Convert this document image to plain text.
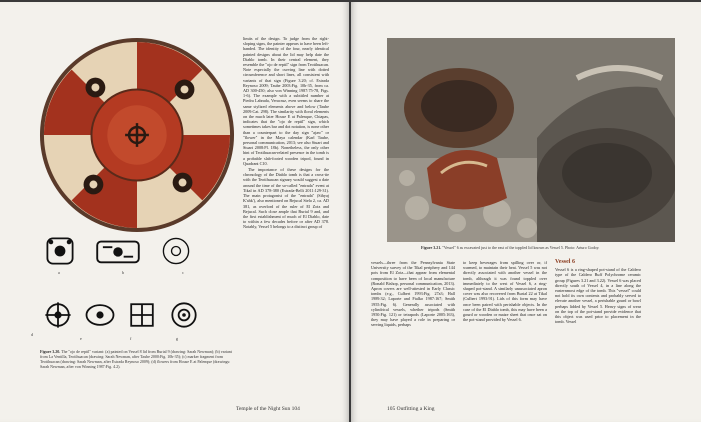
a	b	c
d
e	f	g
Figure 3.20. The "ojo de reptil" variant: (a) painted on Vessel 8 lid from Burial 9 (drawing: Sarah Newman); (b) variant from La Ventilla, Teotihuacan (drawing: Sarah Newman, after Taube 2000:Fig. 10b-35); (c) marker fragment from Teotihuacan (drawing: Sarah Newman, after Estrada Reynoso 2009); (d) flowers from House E at Palenque (drawings: Sarah Newman, after von Winning 1987:Fig. 4.2).

limits of the design. To judge from the right-sloping signs, the painter appears to have been left-handed. The identity of the four, nearly identical painted designs about the lid may help date the Diablo tomb. In their central element, they resemble the "ojo de reptil" sign from Teotihuacan. Note especially the curving line with dotted circumference and short lines, all consistent with variants of that sign (Figure 3.20; cf. Estrada Reynoso 2009; Taube 2003:Fig. 10b-35, from ca. AD 300-450; also von Winning 1987:75-78, Figs. 1-6). The example with a subtitled number at Piedra Labrada, Veracruz, even seems to share the same stylized elements above and below (Taube 2009:Cat. 298). The similarity with floral elements on the much later House E at Palenque, Chiapas, indicates that the "ojo de reptil" sign, which sometimes takes bar and dot notation, is none other than a counterpart to the day sign "ajaw" or "flower" in the Maya calendar (Karl Taube, personal communication, 2013; see also Stuart and Stuart 2008:Pl. 18b). Nonetheless, the only other hint of Teotihuacan-related presence in the tomb is a probable slab-footed wooden tripod, found in Quadrant C10.

The importance of these designs for the chronology of the Diablo tomb is that a cross-tie with the Teotihuacan signary would suggest a date around the time of the so-called "entrada" event at Tikal in AD 378-380 (Estrada-Belli 2011:129-31). The main protagonist of the "entrada" (Sihyaj K'ahk'), also mentioned on Bejucal Stela 2, ca. AD 381, as overlord of the ruler of El Zotz and Bejucal. Such close ample that Burial 9 and, and the first establishment of much of El Diablo, date to within a few decades before or after AD 378. Notably, Vessel 5 belongs to a distinct group of

Temple of the Night Sun 104
Figure 3.21. "Vessel" 6 as excavated just to the east of the toppled lid known as Vessel 5. Photo: Arturo Godoy.

vessels—three from the Pennsylvania State University survey of the Tikal periphery and 144 pots from El Zotz—that appear from elemental composition to have been of local manufacture (Ronald Bishop, personal communication, 2013). Apron covers are well-attested in Early Classic tombs (e.g., Culbert 1993:Fig. 27a3; Hall 1989:32; Laporte and Fialko 1987:167; Smith 1955:Fig. 6). Generally associated with cylindrical vessels, whether tripods (Smith 1950:Fig. 121) or tetrapods (Laporte 2005:163), they may have played a role in preparing or serving liquids, perhaps

to keep beverages from spilling over or, if warmed, to maintain their heat. Vessel 5 was not directly associated with another vessel in the tomb, although it was found toppled over immediately to the west of Vessel 6, a ring-shaped pot-stand. A similarly unassociated apron cover was also recovered from Burial 22 at Tikal (Culbert 1993:91). Lids of this form may have once been paired with perishable objects. In the case of the El Diablo tomb, this may have been a gourd or wooden or maize sheet that once sat on the pot-stand provided by Vessel 6.

Vessel 6

Vessel 6 is a ring-shaped pot-stand of the Caldero type of the Caldero Buff Polychrome ceramic group (Figures 3.21 and 3.22). Vessel 6 was placed directly south of Vessel 4, in a line along the easternmost edge of the tomb. This "vessel" could not hold its own contents and probably served to elevate another vessel, a perishable gourd or bowl perhaps lidded by Vessel 5. Heavy signs of wear on the top of the pot-stand provide evidence that this object was used prior to placement in the tomb. Vessel

105 Outfitting a King
